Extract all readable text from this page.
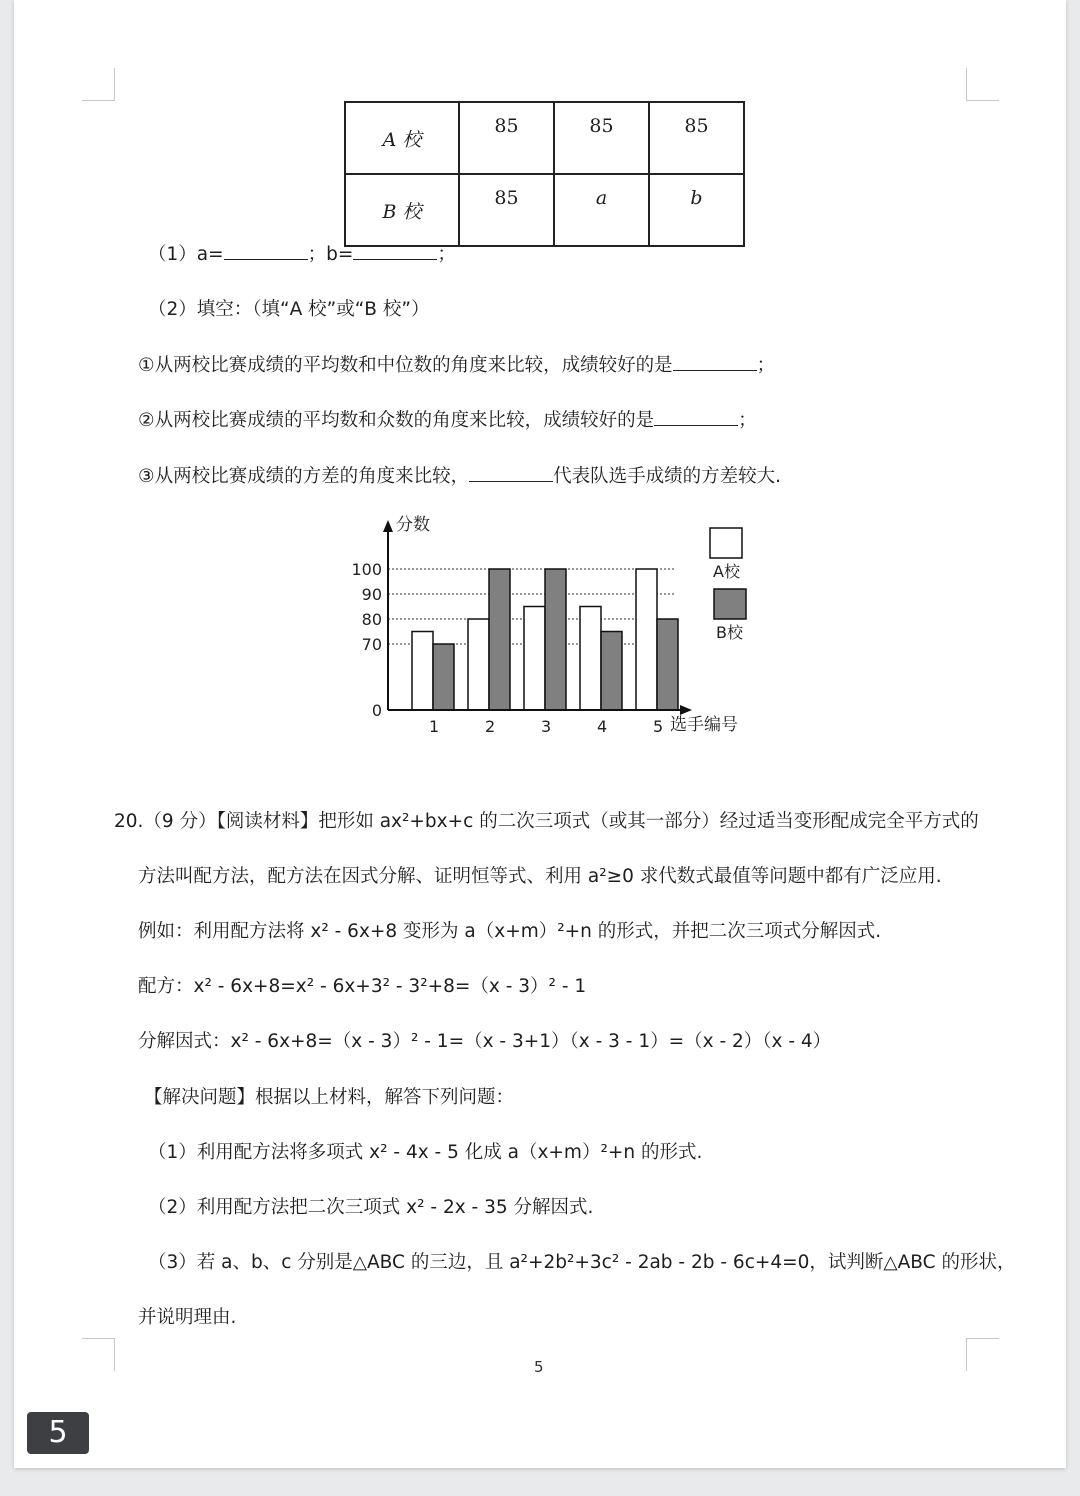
A 校	85	85	85
B 校	85	a	b
（1）a=	；b=	；
（2）填空：（填“A 校”或“B 校”）
①从两校比赛成绩的平均数和中位数的角度来比较，成绩较好的是	；
②从两校比赛成绩的平均数和众数的角度来比较，成绩较好的是	；
③从两校比赛成绩的方差的角度来比较，	代表队选手成绩的方差较大.
1	2	3	4	5
0
70
80
90
100
分数
选手编号
A校
B校
20.（9 分）【阅读材料】把形如 ax²+bx+c 的二次三项式（或其一部分）经过适当变形配成完全平方式的
方法叫配方法，配方法在因式分解、证明恒等式、利用 a²≥0 求代数式最值等问题中都有广泛应用.
例如：利用配方法将 x² - 6x+8 变形为 a（x+m）²+n 的形式，并把二次三项式分解因式.
配方：x² - 6x+8=x² - 6x+3² - 3²+8=（x - 3）² - 1
分解因式：x² - 6x+8=（x - 3）² - 1=（x - 3+1）（x - 3 - 1）=（x - 2）（x - 4）
【解决问题】根据以上材料，解答下列问题：
（1）利用配方法将多项式 x² - 4x - 5 化成 a（x+m）²+n 的形式.
（2）利用配方法把二次三项式 x² - 2x - 35 分解因式.
（3）若 a、b、c 分别是△ABC 的三边，且 a²+2b²+3c² - 2ab - 2b - 6c+4=0，试判断△ABC 的形状，
并说明理由.
5
5
